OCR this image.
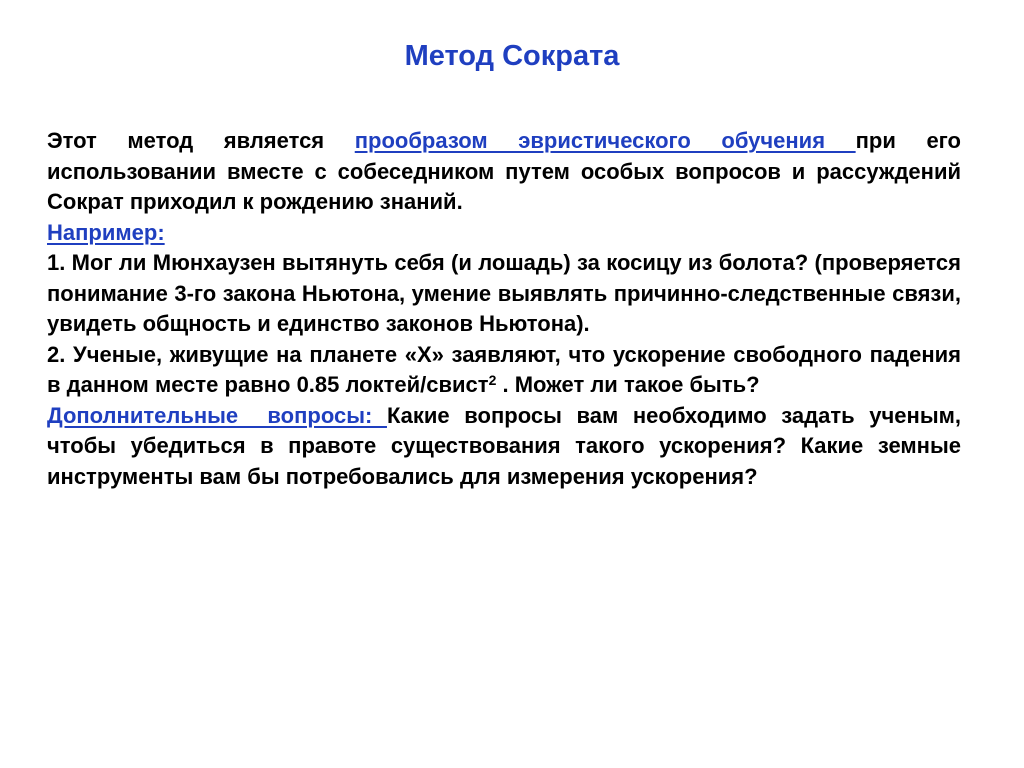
Метод Сократа

Этот метод является прообразом эвристического обучения при его использовании вместе с собеседником путем особых вопросов и рассуждений Сократ приходил к рождению знаний.

Например:

1. Мог ли Мюнхаузен вытянуть себя (и лошадь) за косицу из болота? (проверяется понимание 3-го закона Ньютона, умение выявлять причинно-следственные связи, увидеть общность и единство законов Ньютона).

2. Ученые, живущие на планете «Х» заявляют, что ускорение свободного падения в данном месте равно 0.85 локтей/свист$^2$ . Может ли такое быть?

Дополнительные  вопросы: Какие вопросы вам необходимо задать ученым, чтобы убедиться в правоте существования такого ускорения? Какие земные инструменты вам бы потребовались для измерения ускорения?
